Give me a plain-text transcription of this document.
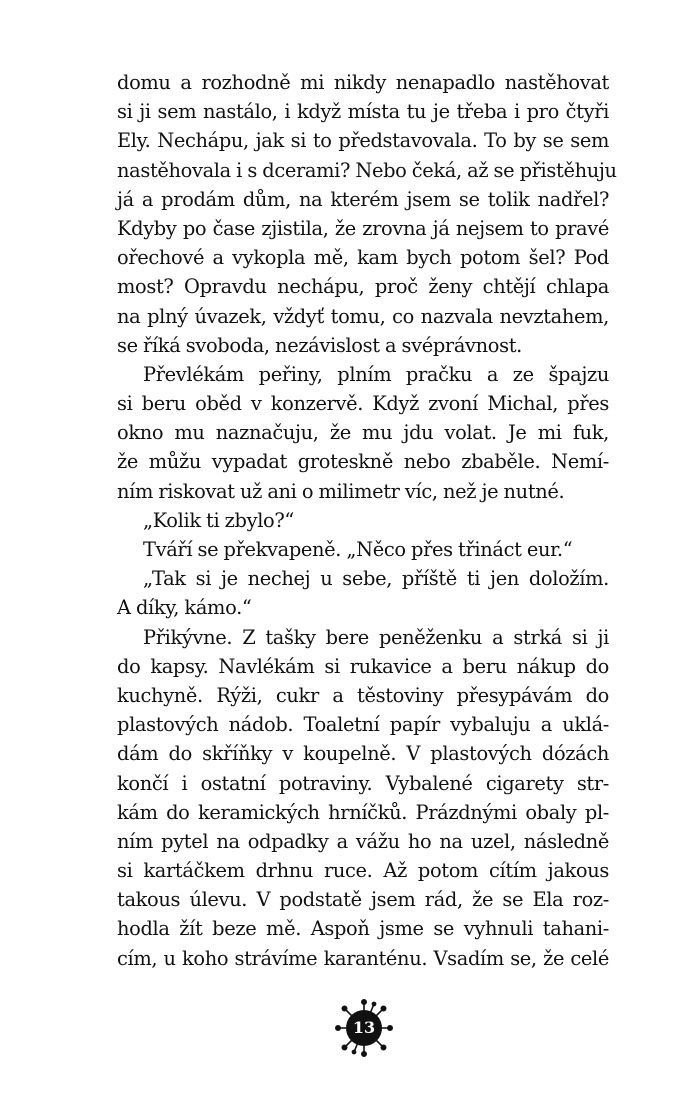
domu a rozhodně mi nikdy nenapadlo nastěhovat
si ji sem nastálo, i když místa tu je třeba i pro čtyři
Ely. Nechápu, jak si to představovala. To by se sem
nastěhovala i s dcerami? Nebo čeká, až se přistěhuju
já a prodám dům, na kterém jsem se tolik nadřel?
Kdyby po čase zjistila, že zrovna já nejsem to pravé
ořechové a vykopla mě, kam bych potom šel? Pod
most? Opravdu nechápu, proč ženy chtějí chlapa
na plný úvazek, vždyť tomu, co nazvala nevztahem,
se říká svoboda, nezávislost a svéprávnost.
Převlékám peřiny, plním pračku a ze špajzu
si beru oběd v konzervě. Když zvoní Michal, přes
okno mu naznačuju, že mu jdu volat. Je mi fuk,
že můžu vypadat groteskně nebo zbaběle. Nemí-
ním riskovat už ani o milimetr víc, než je nutné.
„Kolik ti zbylo?“
Tváří se překvapeně. „Něco přes třináct eur.“
„Tak si je nechej u sebe, příště ti jen doložím.
A díky, kámo.“
Přikývne. Z tašky bere peněženku a strká si ji
do kapsy. Navlékám si rukavice a beru nákup do
kuchyně. Rýži, cukr a těstoviny přesypávám do
plastových nádob. Toaletní papír vybaluju a uklá-
dám do skříňky v koupelně. V plastových dózách
končí i ostatní potraviny. Vybalené cigarety str-
kám do keramických hrníčků. Prázdnými obaly pl-
ním pytel na odpadky a vážu ho na uzel, následně
si kartáčkem drhnu ruce. Až potom cítím jakous
takous úlevu. V podstatě jsem rád, že se Ela roz-
hodla žít beze mě. Aspoň jsme se vyhnuli tahani-
cím, u koho strávíme karanténu. Vsadím se, že celé
13
